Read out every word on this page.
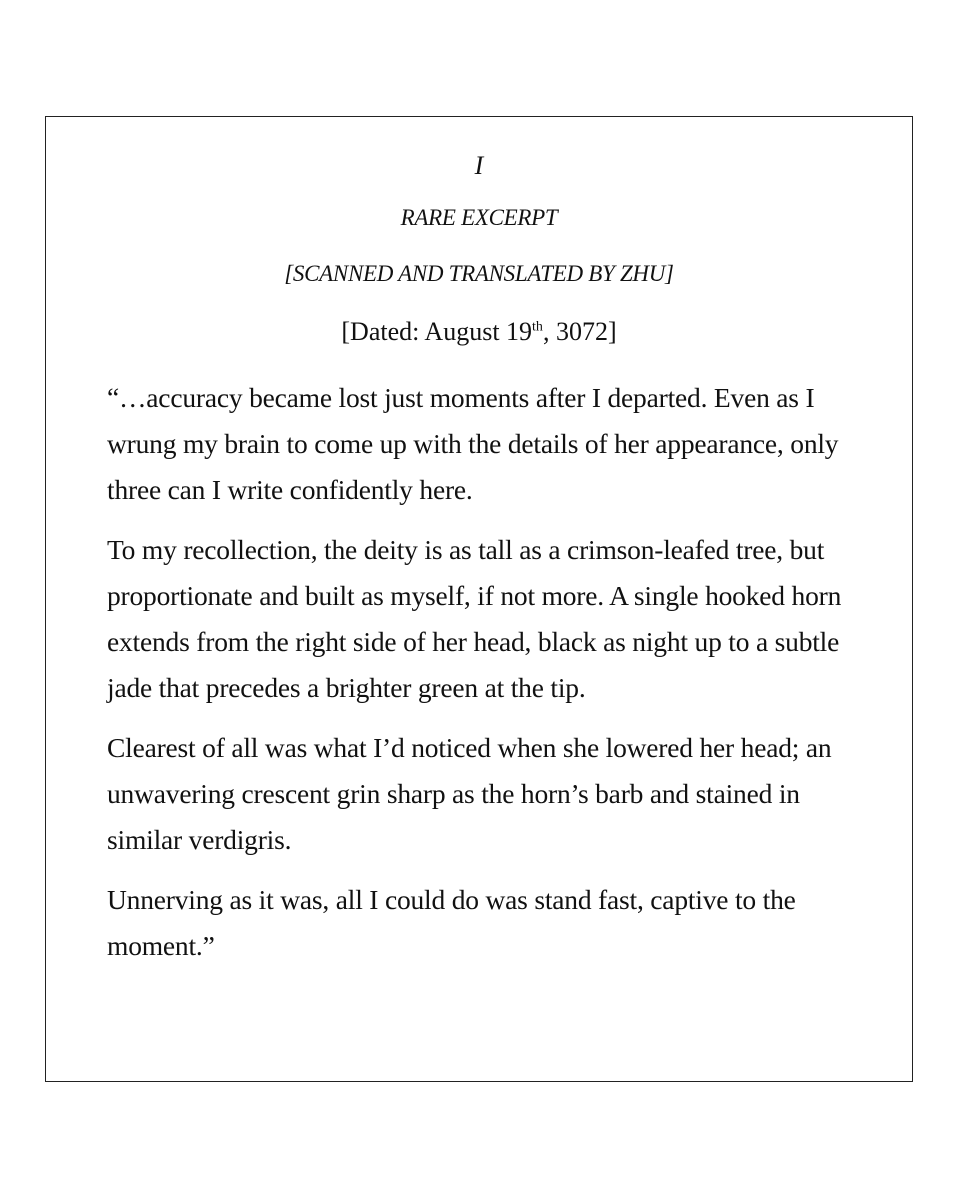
I
RARE EXCERPT
[SCANNED AND TRANSLATED BY ZHU]
[Dated: August 19th, 3072]

“…accuracy became lost just moments after I departed. Even as I wrung my brain to come up with the details of her appearance, only three can I write confidently here.

To my recollection, the deity is as tall as a crimson-leafed tree, but proportionate and built as myself, if not more. A single hooked horn extends from the right side of her head, black as night up to a subtle jade that precedes a brighter green at the tip.

Clearest of all was what I’d noticed when she lowered her head; an unwavering crescent grin sharp as the horn’s barb and stained in similar verdigris.

Unnerving as it was, all I could do was stand fast, captive to the moment.”
